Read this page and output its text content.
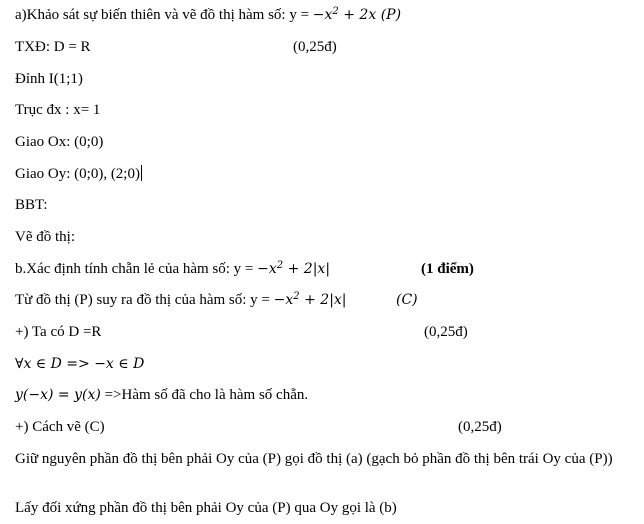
a)Khảo sát sự biến thiên và vẽ đồ thị hàm số: $y = -x^2 + 2x$ (P)
TXĐ: D = R	(0,25đ)
Đỉnh I(1;1)
Trục đx : x= 1
Giao Ox: (0;0)
Giao Oy: (0;0), (2;0)
BBT:
Vẽ đồ thị:
b.Xác định tính chẵn lẻ của hàm số: $y = -x^2 + 2|x|$	(1 điểm)
Từ đồ thị (P) suy ra đồ thị của hàm số: $y = -x^2 + 2|x|$	(C)
+) Ta có D =R	(0,25đ)
∀x ∈ D => −x ∈ D
y(−x) = y(x) =>Hàm số đã cho là hàm số chẵn.
+) Cách vẽ (C)	(0,25đ)
Giữ nguyên phần đồ thị bên phải Oy của (P) gọi đồ thị (a) (gạch bỏ phần đồ thị bên trái Oy của (P))
Lấy đối xứng phần đồ thị bên phải Oy của (P) qua Oy gọi là (b)
